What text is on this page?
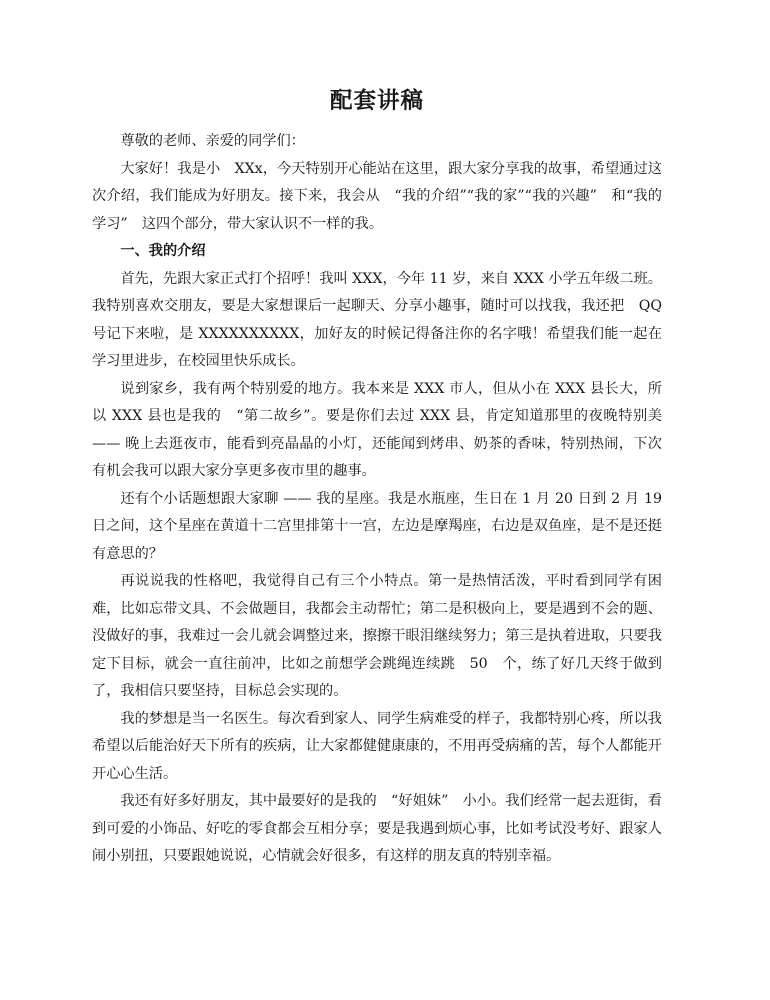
配套讲稿

尊敬的老师、亲爱的同学们：

大家好！我是小　XXx，今天特别开心能站在这里，跟大家分享我的故事，希望通过这次介绍，我们能成为好朋友。接下来，我会从　“我的介绍”“我的家”“我的兴趣”　和“我的学习”　这四个部分，带大家认识不一样的我。

一、我的介绍

首先，先跟大家正式打个招呼！我叫 XXX，今年 11 岁，来自 XXX 小学五年级二班。我特别喜欢交朋友，要是大家想课后一起聊天、分享小趣事，随时可以找我，我还把　QQ 号记下来啦，是 XXXXXXXXXX，加好友的时候记得备注你的名字哦！希望我们能一起在学习里进步，在校园里快乐成长。

说到家乡，我有两个特别爱的地方。我本来是 XXX 市人，但从小在 XXX 县长大，所以 XXX 县也是我的　“第二故乡”。要是你们去过 XXX 县，肯定知道那里的夜晚特别美 —— 晚上去逛夜市，能看到亮晶晶的小灯，还能闻到烤串、奶茶的香味，特别热闹，下次有机会我可以跟大家分享更多夜市里的趣事。

还有个小话题想跟大家聊 —— 我的星座。我是水瓶座，生日在 1 月 20 日到 2 月 19 日之间，这个星座在黄道十二宫里排第十一宫，左边是摩羯座，右边是双鱼座，是不是还挺有意思的？

再说说我的性格吧，我觉得自己有三个小特点。第一是热情活泼，平时看到同学有困难，比如忘带文具、不会做题目，我都会主动帮忙；第二是积极向上，要是遇到不会的题、没做好的事，我难过一会儿就会调整过来，擦擦干眼泪继续努力；第三是执着进取，只要我定下目标，就会一直往前冲，比如之前想学会跳绳连续跳　50　个，练了好几天终于做到了，我相信只要坚持，目标总会实现的。

我的梦想是当一名医生。每次看到家人、同学生病难受的样子，我都特别心疼，所以我希望以后能治好天下所有的疾病，让大家都健健康康的，不用再受病痛的苦，每个人都能开开心心生活。

我还有好多好朋友，其中最要好的是我的　“好姐妹”　小小。我们经常一起去逛街，看到可爱的小饰品、好吃的零食都会互相分享；要是我遇到烦心事，比如考试没考好、跟家人闹小别扭，只要跟她说说，心情就会好很多，有这样的朋友真的特别幸福。
